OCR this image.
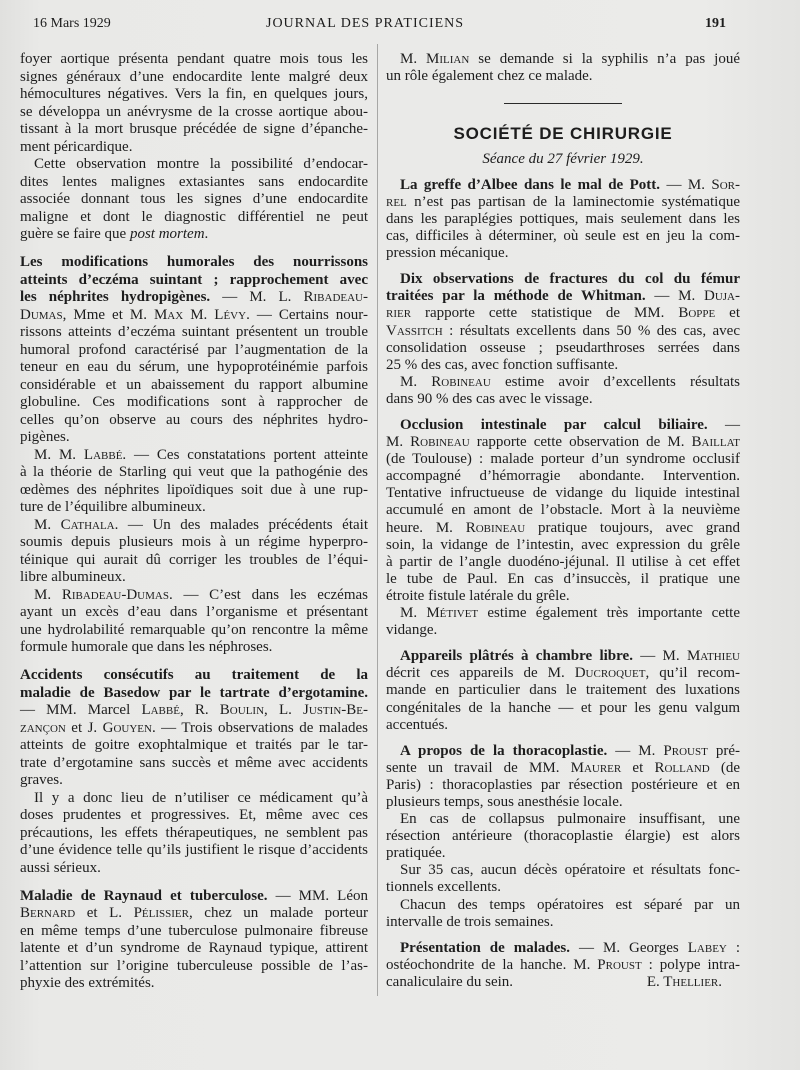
16 Mars 1929	JOURNAL DES PRATICIENS	191
foyer aortique présenta pendant quatre mois tous les
signes généraux d’une endocardite lente malgré deux
hémocultures négatives. Vers la fin, en quelques jours,
se développa un anévrysme de la crosse aortique abou-
tissant à la mort brusque précédée de signe d’épanche-
ment péricardique.
Cette observation montre la possibilité d’endocar-
dites lentes malignes extasiantes sans endocardite
associée donnant tous les signes d’une endocardite
maligne et dont le diagnostic différentiel ne peut
guère se faire que post mortem.
Les modifications humorales des nourrissons
atteints d’eczéma suintant ; rapprochement avec
les néphrites hydropigènes. — M. L. Ribadeau-
Dumas, Mme et M. Max M. Lévy. — Certains nour-
rissons atteints d’eczéma suintant présentent un trouble
humoral profond caractérisé par l’augmentation de la
teneur en eau du sérum, une hypoprotéinémie parfois
considérable et un abaissement du rapport albumine
globuline. Ces modifications sont à rapprocher de
celles qu’on observe au cours des néphrites hydro-
pigènes.
M. M. Labbé. — Ces constatations portent atteinte
à la théorie de Starling qui veut que la pathogénie des
œdèmes des néphrites lipoïdiques soit due à une rup-
ture de l’équilibre albumineux.
M. Cathala. — Un des malades précédents était
soumis depuis plusieurs mois à un régime hyperpro-
téinique qui aurait dû corriger les troubles de l’équi-
libre albumineux.
M. Ribadeau-Dumas. — C’est dans les eczémas
ayant un excès d’eau dans l’organisme et présentant
une hydrolabilité remarquable qu’on rencontre la même
formule humorale que dans les néphroses.
Accidents consécutifs au traitement de la
maladie de Basedow par le tartrate d’ergotamine.
— MM. Marcel Labbé, R. Boulin, L. Justin-Be-
zançon et J. Gouyen. — Trois observations de malades
atteints de goitre exophtalmique et traités par le tar-
trate d’ergotamine sans succès et même avec accidents
graves.
Il y a donc lieu de n’utiliser ce médicament qu’à
doses prudentes et progressives. Et, même avec ces
précautions, les effets thérapeutiques, ne semblent pas
d’une évidence telle qu’ils justifient le risque d’accidents
aussi sérieux.
Maladie de Raynaud et tuberculose. — MM. Léon
Bernard et L. Pélissier, chez un malade porteur
en même temps d’une tuberculose pulmonaire fibreuse
latente et d’un syndrome de Raynaud typique, attirent
l’attention sur l’origine tuberculeuse possible de l’as-
phyxie des extrémités.
M. Milian se demande si la syphilis n’a pas joué
un rôle également chez ce malade.
SOCIÉTÉ DE CHIRURGIE
Séance du 27 février 1929.
La greffe d’Albee dans le mal de Pott. — M. Sor-
rel n’est pas partisan de la laminectomie systématique
dans les paraplégies pottiques, mais seulement dans les
cas, difficiles à déterminer, où seule est en jeu la com-
pression mécanique.
Dix observations de fractures du col du fémur
traitées par la méthode de Whitman. — M. Duja-
rier rapporte cette statistique de MM. Boppe et
Vassitch : résultats excellents dans 50 % des cas, avec
consolidation osseuse ; pseudarthroses serrées dans
25 % des cas, avec fonction suffisante.
M. Robineau estime avoir d’excellents résultats
dans 90 % des cas avec le vissage.
Occlusion intestinale par calcul biliaire. —
M. Robineau rapporte cette observation de M. Baillat
(de Toulouse) : malade porteur d’un syndrome occlusif
accompagné d’hémorragie abondante. Intervention.
Tentative infructueuse de vidange du liquide intestinal
accumulé en amont de l’obstacle. Mort à la neuvième
heure. M. Robineau pratique toujours, avec grand
soin, la vidange de l’intestin, avec expression du grêle
à partir de l’angle duodéno-jéjunal. Il utilise à cet effet
le tube de Paul. En cas d’insuccès, il pratique une
étroite fistule latérale du grêle.
M. Métivet estime également très importante cette
vidange.
Appareils plâtrés à chambre libre. — M. Mathieu
décrit ces appareils de M. Ducroquet, qu’il recom-
mande en particulier dans le traitement des luxations
congénitales de la hanche — et pour les genu valgum
accentués.
A propos de la thoracoplastie. — M. Proust pré-
sente un travail de MM. Maurer et Rolland (de
Paris) : thoracoplasties par résection postérieure et en
plusieurs temps, sous anesthésie locale.
En cas de collapsus pulmonaire insuffisant, une
résection antérieure (thoracoplastie élargie) est alors
pratiquée.
Sur 35 cas, aucun décès opératoire et résultats fonc-
tionnels excellents.
Chacun des temps opératoires est séparé par un
intervalle de trois semaines.
Présentation de malades. — M. Georges Labey :
ostéochondrite de la hanche. M. Proust : polype intra-
canaliculaire du sein.	E. Thellier.
